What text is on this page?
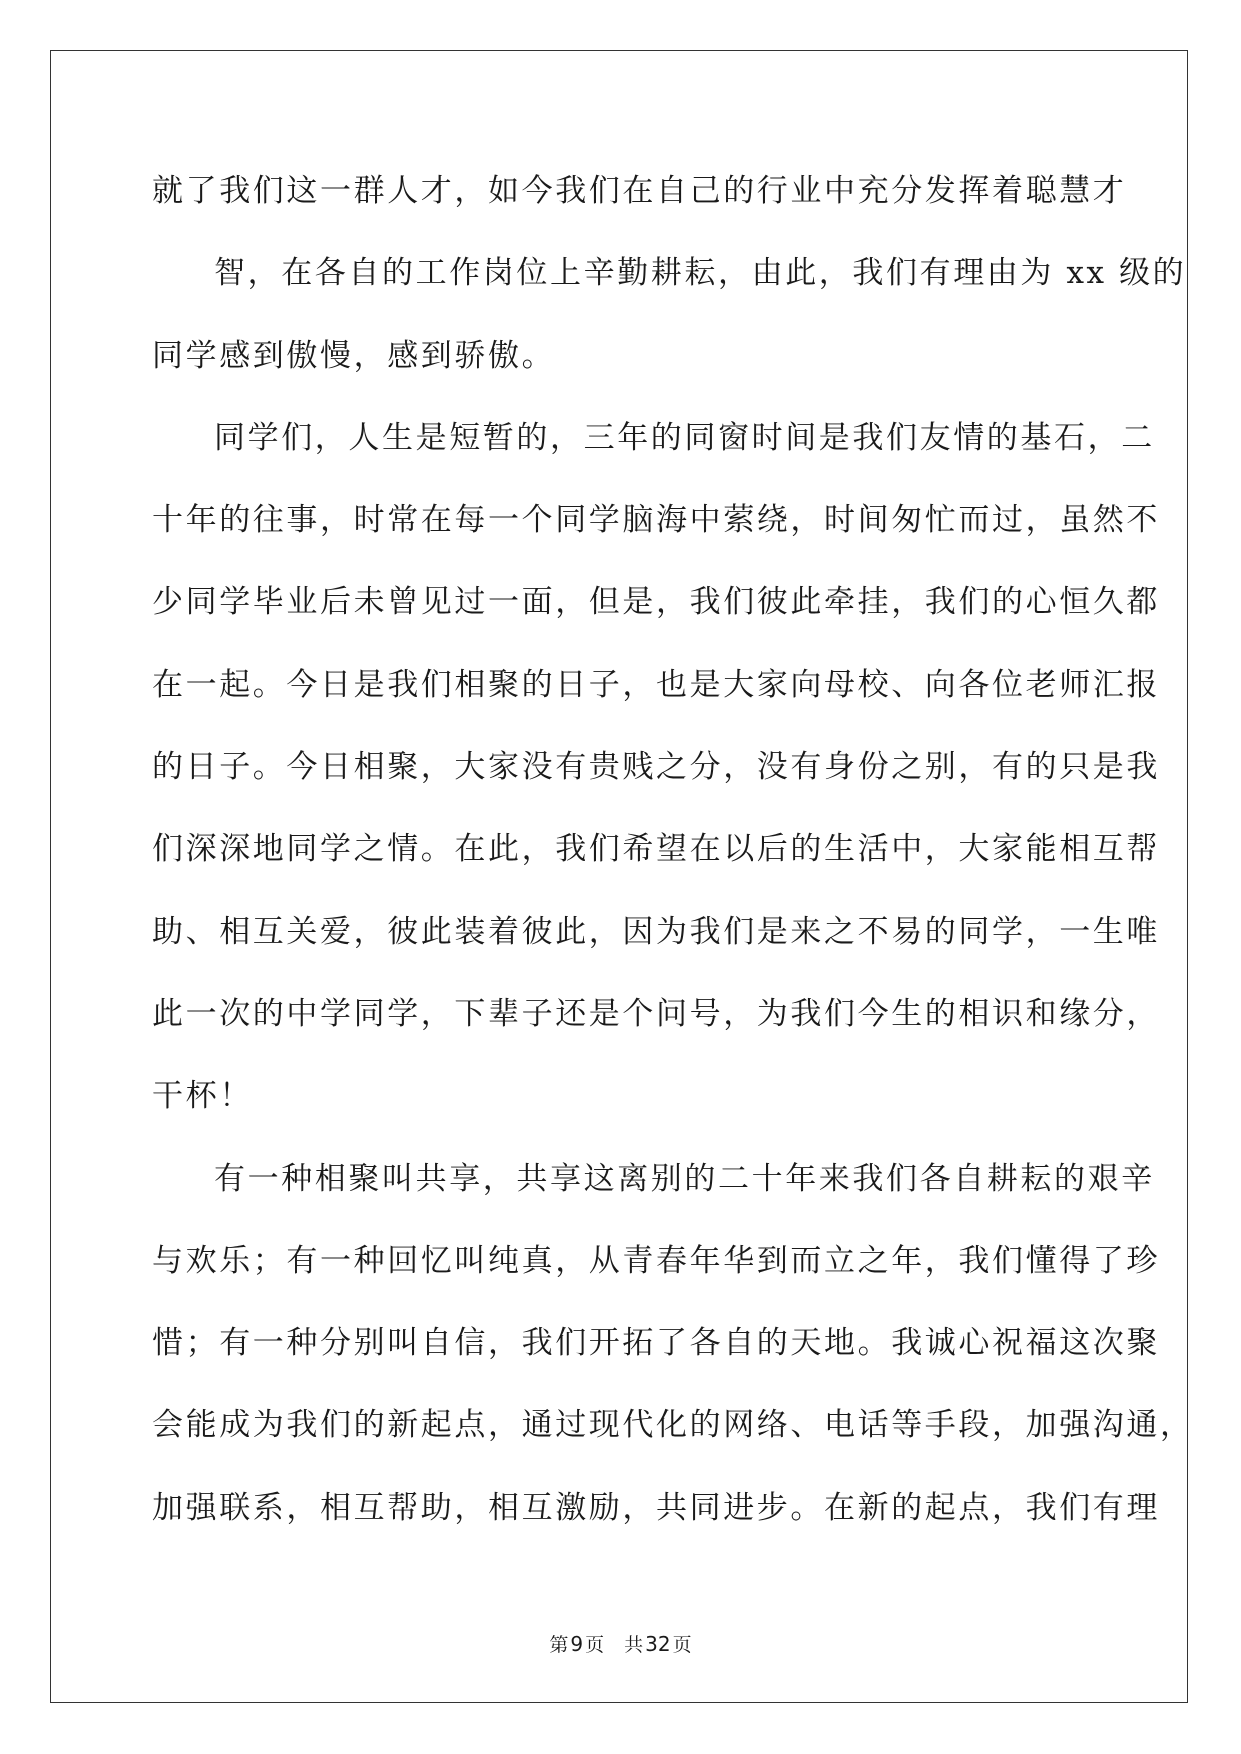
就了我们这一群人才，如今我们在自己的行业中充分发挥着聪慧才
智，在各自的工作岗位上辛勤耕耘，由此，我们有理由为 xx 级的
同学感到傲慢，感到骄傲。
同学们，人生是短暂的，三年的同窗时间是我们友情的基石，二
十年的往事，时常在每一个同学脑海中萦绕，时间匆忙而过，虽然不
少同学毕业后未曾见过一面，但是，我们彼此牵挂，我们的心恒久都
在一起。今日是我们相聚的日子，也是大家向母校、向各位老师汇报
的日子。今日相聚，大家没有贵贱之分，没有身份之别，有的只是我
们深深地同学之情。在此，我们希望在以后的生活中，大家能相互帮
助、相互关爱，彼此装着彼此，因为我们是来之不易的同学，一生唯
此一次的中学同学，下辈子还是个问号，为我们今生的相识和缘分，
干杯！
有一种相聚叫共享，共享这离别的二十年来我们各自耕耘的艰辛
与欢乐；有一种回忆叫纯真，从青春年华到而立之年，我们懂得了珍
惜；有一种分别叫自信，我们开拓了各自的天地。我诚心祝福这次聚
会能成为我们的新起点，通过现代化的网络、电话等手段，加强沟通，
加强联系，相互帮助，相互激励，共同进步。在新的起点，我们有理
第 9 页 共 32 页
